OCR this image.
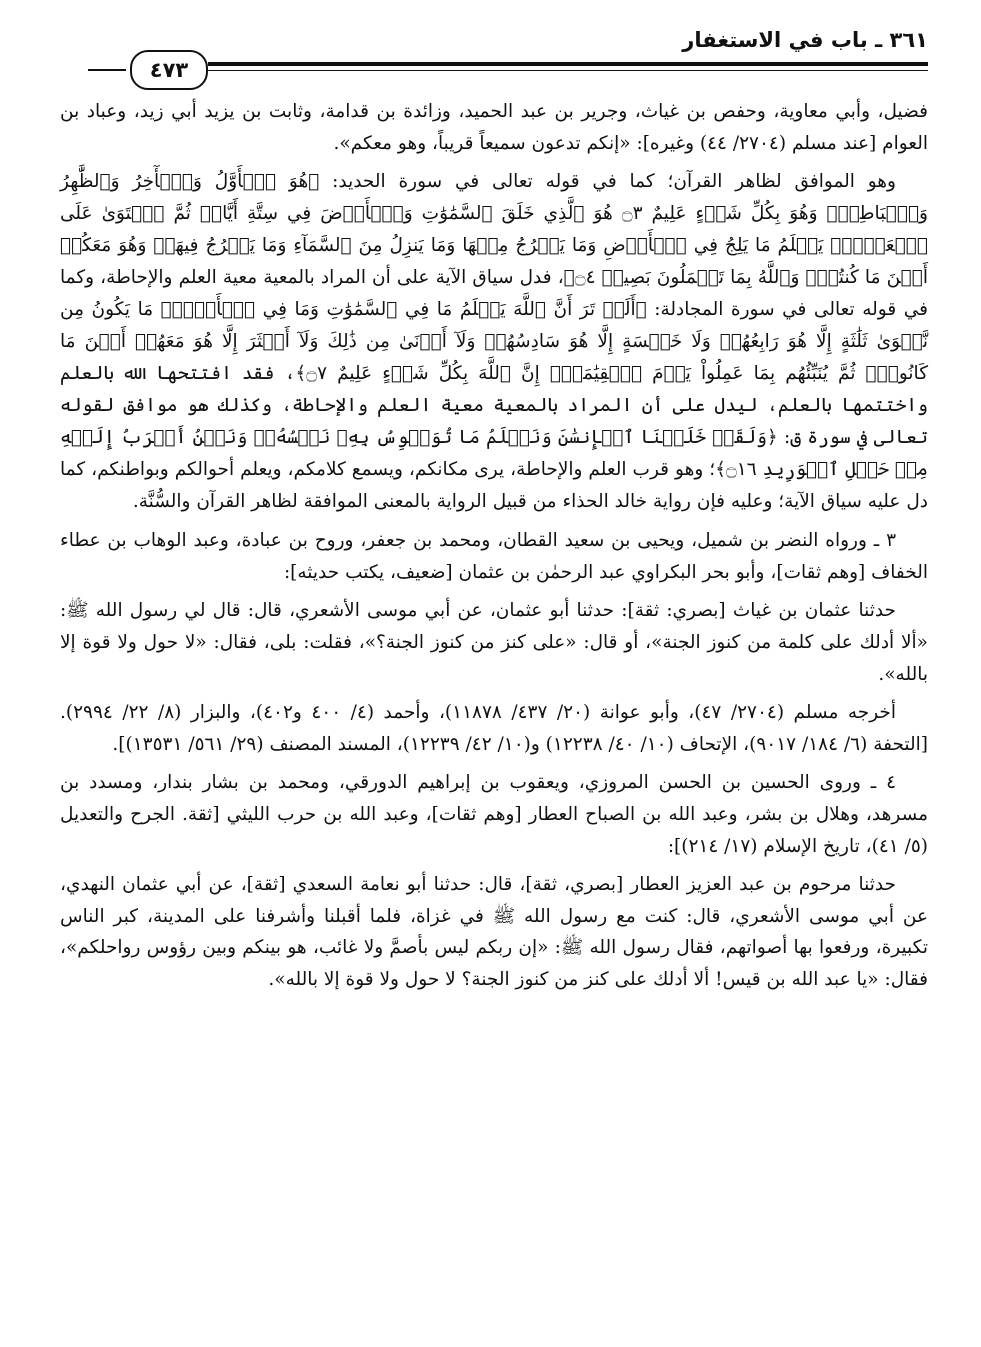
٣٦١ ـ باب في الاستغفار
٤٧٣

فضيل، وأبي معاوية، وحفص بن غياث، وجرير بن عبد الحميد، وزائدة بن قدامة، وثابت بن يزيد أبي زيد، وعباد بن العوام [عند مسلم (٢٧٠٤/ ٤٤) وغيره]: «إنكم تدعون سميعاً قريباً، وهو معكم».

وهو الموافق لظاهر القرآن؛ كما في قوله تعالى في سورة الحديد: ﴿هُوَ ٱلۡأَوَّلُ وَٱلۡأٓخِرُ وَٱلظَّٰهِرُ وَٱلۡبَاطِنُۖ وَهُوَ بِكُلِّ شَيۡءٍ عَلِيمٌ ۝٣ هُوَ ٱلَّذِي خَلَقَ ٱلسَّمَٰوَٰتِ وَٱلۡأَرۡضَ فِي سِتَّةِ أَيَّامٖ ثُمَّ ٱسۡتَوَىٰ عَلَى ٱلۡعَرۡشِۖ يَعۡلَمُ مَا يَلِجُ فِي ٱلۡأَرۡضِ وَمَا يَخۡرُجُ مِنۡهَا وَمَا يَنزِلُ مِنَ ٱلسَّمَآءِ وَمَا يَعۡرُجُ فِيهَاۖ وَهُوَ مَعَكُمۡ أَيۡنَ مَا كُنتُمۡۚ وَٱللَّهُ بِمَا تَعۡمَلُونَ بَصِيرٞ ۝٤﴾، فدل سياق الآية على أن المراد بالمعية معية العلم والإحاطة، وكما في قوله تعالى في سورة المجادلة: ﴿أَلَمۡ تَرَ أَنَّ ٱللَّهَ يَعۡلَمُ مَا فِي ٱلسَّمَٰوَٰتِ وَمَا فِي ٱلۡأَرۡضِۖ مَا يَكُونُ مِن نَّجۡوَىٰ ثَلَٰثَةٍ إِلَّا هُوَ رَابِعُهُمۡ وَلَا خَمۡسَةٍ إِلَّا هُوَ سَادِسُهُمۡ وَلَآ أَدۡنَىٰ مِن ذَٰلِكَ وَلَآ أَكۡثَرَ إِلَّا هُوَ مَعَهُمۡ أَيۡنَ مَا كَانُواْۖ ثُمَّ يُنَبِّئُهُم بِمَا عَمِلُواْ يَوۡمَ ٱلۡقِيَٰمَةِۚ إِنَّ ٱللَّهَ بِكُلِّ شَيۡءٍ عَلِيمٌ ۝٧﴾، فقد افتتحها الله بالعلم واختتمها بالعلم، ليدل على أن المراد بالمعية معية العلم والإحاطة، وكذلك هو موافق لقوله تعالى في سورة ق: ﴿وَلَقَدۡ خَلَقۡنَا ٱلۡإِنسَٰنَ وَنَعۡلَمُ مَا تُوَسۡوِسُ بِهِۦ نَفۡسُهُۥۖ وَنَحۡنُ أَقۡرَبُ إِلَيۡهِ مِنۡ حَبۡلِ ٱلۡوَرِيدِ ۝١٦﴾؛ وهو قرب العلم والإحاطة، يرى مكانكم، ويسمع كلامكم، ويعلم أحوالكم وبواطنكم، كما دل عليه سياق الآية؛ وعليه فإن رواية خالد الحذاء من قبيل الرواية بالمعنى الموافقة لظاهر القرآن والسُّنَّة.

٣ ـ ورواه النضر بن شميل، ويحيى بن سعيد القطان، ومحمد بن جعفر، وروح بن عبادة، وعبد الوهاب بن عطاء الخفاف [وهم ثقات]، وأبو بحر البكراوي عبد الرحمٰن بن عثمان [ضعيف، يكتب حديثه]:

حدثنا عثمان بن غياث [بصري: ثقة]: حدثنا أبو عثمان، عن أبي موسى الأشعري، قال: قال لي رسول الله ﷺ: «ألا أدلك على كلمة من كنوز الجنة»، أو قال: «على كنز من كنوز الجنة؟»، فقلت: بلى، فقال: «لا حول ولا قوة إلا بالله».

أخرجه مسلم (٢٧٠٤/ ٤٧)، وأبو عوانة (٢٠/ ٤٣٧/ ١١٨٧٨)، وأحمد (٤/ ٤٠٠ و٤٠٢)، والبزار (٨/ ٢٢/ ٢٩٩٤). [التحفة (٦/ ١٨٤/ ٩٠١٧)، الإتحاف (١٠/ ٤٠/ ١٢٢٣٨) و(١٠/ ٤٢/ ١٢٢٣٩)، المسند المصنف (٢٩/ ٥٦١/ ١٣٥٣١)].

٤ ـ وروى الحسين بن الحسن المروزي، ويعقوب بن إبراهيم الدورقي، ومحمد بن بشار بندار، ومسدد بن مسرهد، وهلال بن بشر، وعبد الله بن الصباح العطار [وهم ثقات]، وعبد الله بن حرب الليثي [ثقة. الجرح والتعديل (٥/ ٤١)، تاريخ الإسلام (١٧/ ٢١٤)]:

حدثنا مرحوم بن عبد العزيز العطار [بصري، ثقة]، قال: حدثنا أبو نعامة السعدي [ثقة]، عن أبي عثمان النهدي، عن أبي موسى الأشعري، قال: كنت مع رسول الله ﷺ في غزاة، فلما أقبلنا وأشرفنا على المدينة، كبر الناس تكبيرة، ورفعوا بها أصواتهم، فقال رسول الله ﷺ: «إن ربكم ليس بأصمَّ ولا غائب، هو بينكم وبين رؤوس رواحلكم»، فقال: «يا عبد الله بن قيس! ألا أدلك على كنز من كنوز الجنة؟ لا حول ولا قوة إلا بالله».
